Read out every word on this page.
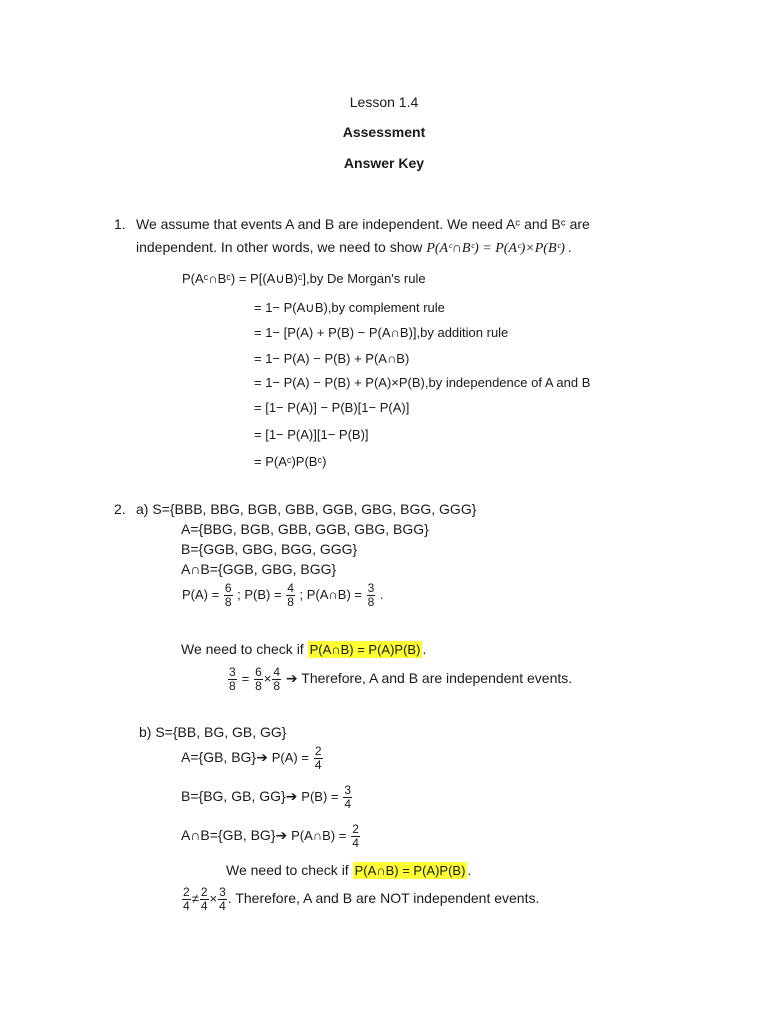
Lesson 1.4
Assessment
Answer Key
1. We assume that events A and B are independent. We need Aᶜ and Bᶜ are
independent. In other words, we need to show P(Aᶜ∩Bᶜ) = P(Aᶜ)×P(Bᶜ) .
P(Aᶜ∩Bᶜ) = P[(A∪B)ᶜ],by De Morgan's rule
= 1− P(A∪B),by complement rule
= 1− [P(A) + P(B) − P(A∩B)],by addition rule
= 1− P(A) − P(B) + P(A∩B)
= 1− P(A) − P(B) + P(A)×P(B),by independence of A and B
= [1− P(A)] − P(B)[1− P(A)]
= [1− P(A)][1− P(B)]
= P(Aᶜ)P(Bᶜ)
2. a) S={BBB, BBG, BGB, GBB, GGB, GBG, BGG, GGG}
A={BBG, BGB, GBB, GGB, GBG, BGG}
B={GGB, GBG, BGG, GGG}
A∩B={GGB, GBG, BGG}
$P(A) = \frac{6}{8}$ ; $P(B) = \frac{4}{8}$ ; P(A∩B) = $\frac{3}{8}$ .
We need to check if P(A∩B) = P(A)P(B) .
$\frac{3}{8} = \frac{6}{8} \times \frac{4}{8}$ ➔ Therefore, A and B are independent events.
b) S={BB, BG, GB, GG}
A={GB, BG}➔ $P(A) = \frac{2}{4}$
B={BG, GB, GG}➔ $P(B) = \frac{3}{4}$
A∩B={GB, BG}➔ P(A∩B) = $\frac{2}{4}$
We need to check if P(A∩B) = P(A)P(B) .
$\frac{2}{4} \ne \frac{2}{4} \times \frac{3}{4}$ . Therefore, A and B are NOT independent events.
